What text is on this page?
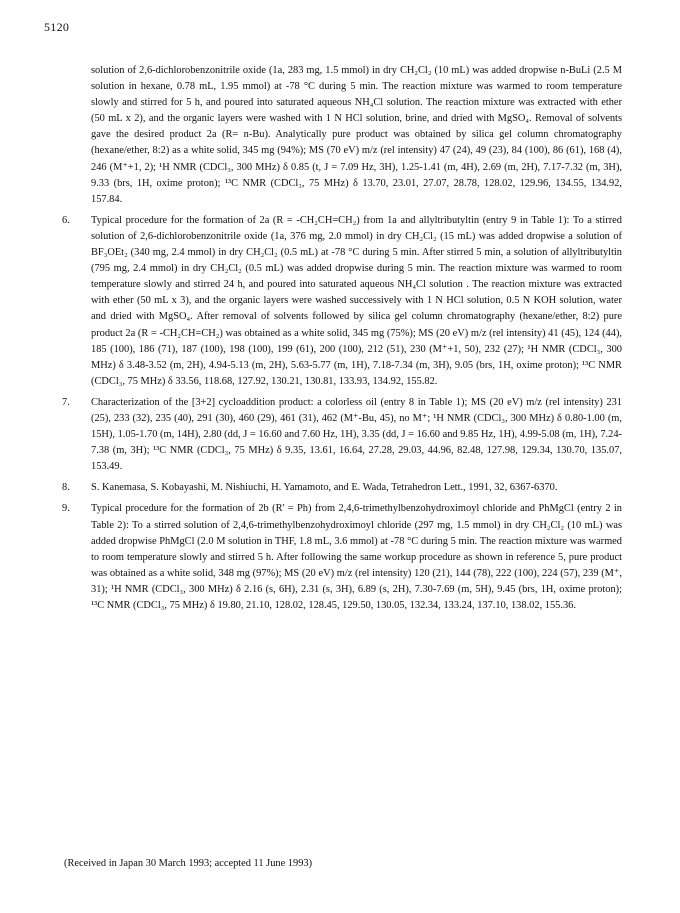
5120

solution of 2,6-dichlorobenzonitrile oxide (1a, 283 mg, 1.5 mmol) in dry CH₂Cl₂ (10 mL) was added dropwise n-BuLi (2.5 M solution in hexane, 0.78 mL, 1.95 mmol) at -78 °C during 5 min. The reaction mixture was warmed to room temperature slowly and stirred for 5 h, and poured into saturated aqueous NH₄Cl solution. The reaction mixture was extracted with ether (50 mL x 2), and the organic layers were washed with 1 N HCl solution, brine, and dried with MgSO₄. Removal of solvents gave the desired product 2a (R= n-Bu). Analytically pure product was obtained by silica gel column chromatography (hexane/ether, 8:2) as a white solid, 345 mg (94%); MS (70 eV) m/z (rel intensity) 47 (24), 49 (23), 84 (100), 86 (61), 168 (4), 246 (M⁺+1, 2); ¹H NMR (CDCl₃, 300 MHz) δ 0.85 (t, J = 7.09 Hz, 3H), 1.25-1.41 (m, 4H), 2.69 (m, 2H), 7.17-7.32 (m, 3H), 9.33 (brs, 1H, oxime proton); ¹³C NMR (CDCl₃, 75 MHz) δ 13.70, 23.01, 27.07, 28.78, 128.02, 129.96, 134.55, 134.92, 157.84.

6. Typical procedure for the formation of 2a (R = -CH₂CH=CH₂) from 1a and allyltributyltin (entry 9 in Table 1): To a stirred solution of 2,6-dichlorobenzonitrile oxide (1a, 376 mg, 2.0 mmol) in dry CH₂Cl₂ (15 mL) was added dropwise a solution of BF₃OEt₂ (340 mg, 2.4 mmol) in dry CH₂Cl₂ (0.5 mL) at -78 °C during 5 min. After stirred 5 min, a solution of allyltributyltin (795 mg, 2.4 mmol) in dry CH₂Cl₂ (0.5 mL) was added dropwise during 5 min. The reaction mixture was warmed to room temperature slowly and stirred 24 h, and poured into saturated aqueous NH₄Cl solution . The reaction mixture was extracted with ether (50 mL x 3), and the organic layers were washed successively with 1 N HCl solution, 0.5 N KOH solution, water and dried with MgSO₄. After removal of solvents followed by silica gel column chromatography (hexane/ether, 8:2) pure product 2a (R = -CH₂CH=CH₂) was obtained as a white solid, 345 mg (75%); MS (20 eV) m/z (rel intensity) 41 (45), 124 (44), 185 (100), 186 (71), 187 (100), 198 (100), 199 (61), 200 (100), 212 (51), 230 (M⁺+1, 50), 232 (27); ¹H NMR (CDCl₃, 300 MHz) δ 3.48-3.52 (m, 2H), 4.94-5.13 (m, 2H), 5.63-5.77 (m, 1H), 7.18-7.34 (m, 3H), 9.05 (brs, 1H, oxime proton); ¹³C NMR (CDCl₃, 75 MHz) δ 33.56, 118.68, 127.92, 130.21, 130.81, 133.93, 134.92, 155.82.
7. Characterization of the [3+2] cycloaddition product: a colorless oil (entry 8 in Table 1); MS (20 eV) m/z (rel intensity) 231 (25), 233 (32), 235 (40), 291 (30), 460 (29), 461 (31), 462 (M⁺-Bu, 45), no M⁺; ¹H NMR (CDCl₃, 300 MHz) δ 0.80-1.00 (m, 15H), 1.05-1.70 (m, 14H), 2.80 (dd, J = 16.60 and 7.60 Hz, 1H), 3.35 (dd, J = 16.60 and 9.85 Hz, 1H), 4.99-5.08 (m, 1H), 7.24-7.38 (m, 3H); ¹³C NMR (CDCl₃, 75 MHz) δ 9.35, 13.61, 16.64, 27.28, 29.03, 44.96, 82.48, 127.98, 129.34, 130.70, 135.07, 153.49.
8. S. Kanemasa, S. Kobayashi, M. Nishiuchi, H. Yamamoto, and E. Wada, Tetrahedron Lett., 1991, 32, 6367-6370.
9. Typical procedure for the formation of 2b (R' = Ph) from 2,4,6-trimethylbenzohydroximoyl chloride and PhMgCl (entry 2 in Table 2): To a stirred solution of 2,4,6-trimethylbenzohydroximoyl chloride (297 mg, 1.5 mmol) in dry CH₂Cl₂ (10 mL) was added dropwise PhMgCl (2.0 M solution in THF, 1.8 mL, 3.6 mmol) at -78 °C during 5 min. The reaction mixture was warmed to room temperature slowly and stirred 5 h. After following the same workup procedure as shown in reference 5, pure product was obtained as a white solid, 348 mg (97%); MS (20 eV) m/z (rel intensity) 120 (21), 144 (78), 222 (100), 224 (57), 239 (M⁺, 31); ¹H NMR (CDCl₃, 300 MHz) δ 2.16 (s, 6H), 2.31 (s, 3H), 6.89 (s, 2H), 7.30-7.69 (m, 5H), 9.45 (brs, 1H, oxime proton); ¹³C NMR (CDCl₃, 75 MHz) δ 19.80, 21.10, 128.02, 128.45, 129.50, 130.05, 132.34, 133.24, 137.10, 138.02, 155.36.
(Received in Japan 30 March 1993; accepted 11 June 1993)
